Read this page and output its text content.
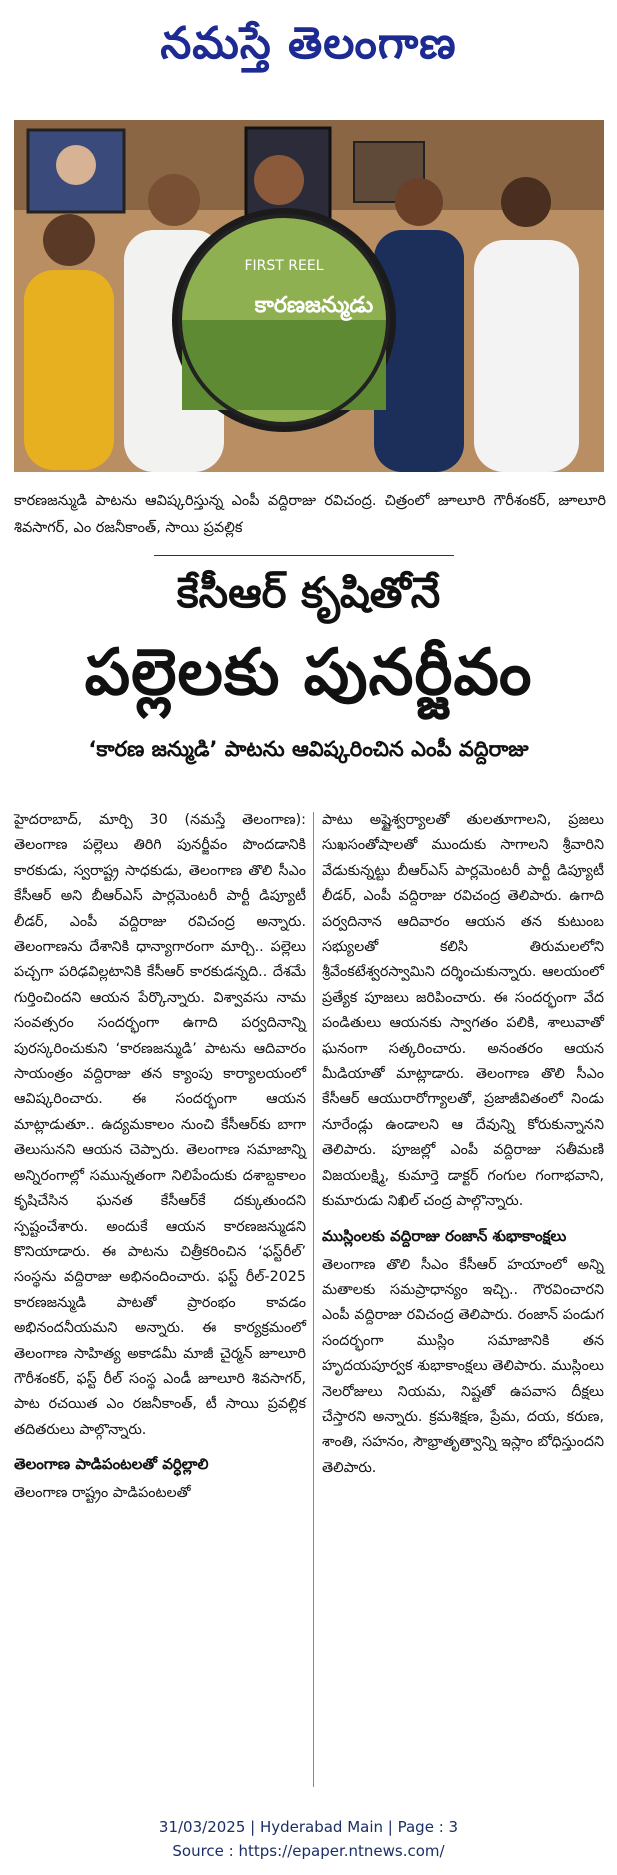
నమస్తే తెలంగాణ
FIRST REEL
కారణజన్ముడు
కారణజన్ముడి పాటను ఆవిష్కరిస్తున్న ఎంపీ వద్దిరాజు రవిచంద్ర. చిత్రంలో జూలూరి గౌరీశంకర్, జూలూరి శివసాగర్, ఎం రజనీకాంత్, సాయి ప్రవల్లిక
కేసీఆర్ కృషితోనే
పల్లెలకు పునర్జీవం
‘కారణ జన్ముడి’ పాటను ఆవిష్కరించిన ఎంపీ వద్దిరాజు

హైదరాబాద్, మార్చి 30 (నమస్తే తెలంగాణ): తెలంగాణ పల్లెలు తిరిగి పునర్జీవం పొందడానికి కారకుడు, స్వరాష్ట్ర సాధకుడు, తెలంగాణ తొలి సీఎం కేసీఆర్ అని బీఆర్ఎస్ పార్లమెంటరీ పార్టీ డిప్యూటీ లీడర్, ఎంపీ వద్దిరాజు రవిచంద్ర అన్నారు. తెలంగాణను దేశానికి ధాన్యాగారంగా మార్చి.. పల్లెలు పచ్చగా పరిఢవిల్లటానికి కేసీఆర్ కారకుడన్నది.. దేశమే గుర్తించిందని ఆయన పేర్కొన్నారు. విశ్వావసు నామ సంవత్సరం సందర్భంగా ఉగాది పర్వదినాన్ని పురస్కరించుకుని ‘కారణజన్ముడి’ పాటను ఆదివారం సాయంత్రం వద్దిరాజు తన క్యాంపు కార్యాలయంలో ఆవిష్కరించారు. ఈ సందర్భంగా ఆయన మాట్లాడుతూ.. ఉద్యమకాలం నుంచి కేసీఆర్‌కు బాగా తెలుసునని ఆయన చెప్పారు. తెలంగాణ సమాజాన్ని అన్నిరంగాల్లో సమున్నతంగా నిలిపేందుకు దశాబ్దకాలం కృషిచేసిన ఘనత కేసీఆర్‌కే దక్కుతుందని స్పష్టంచేశారు. అందుకే ఆయన కారణజన్ముడని కొనియాడారు. ఈ పాటను చిత్రీకరించిన ‘ఫస్ట్‌రీల్’ సంస్థను వద్దిరాజు అభినందించారు. ఫస్ట్ రీల్-2025 కారణజన్ముడి పాటతో ప్రారంభం కావడం అభినందనీయమని అన్నారు. ఈ కార్యక్రమంలో తెలంగాణ సాహిత్య అకాడమీ మాజీ చైర్మన్ జూలూరి గౌరీశంకర్, ఫస్ట్ రీల్ సంస్థ ఎండీ జూలూరి శివసాగర్, పాట రచయిత ఎం రజనీకాంత్, టీ సాయి ప్రవల్లిక తదితరులు పాల్గొన్నారు.

తెలంగాణ పాడిపంటలతో వర్ధిల్లాలి

తెలంగాణ రాష్ట్రం పాడిపంటలతో

పాటు అష్టైశ్వర్యాలతో తులతూగాలని, ప్రజలు సుఖసంతోషాలతో ముందుకు సాగాలని శ్రీవారిని వేడుకున్నట్టు బీఆర్ఎస్ పార్లమెంటరీ పార్టీ డిప్యూటీ లీడర్, ఎంపీ వద్దిరాజు రవిచంద్ర తెలిపారు. ఉగాది పర్వదినాన ఆదివారం ఆయన తన కుటుంబ సభ్యులతో కలిసి తిరుమలలోని శ్రీవేంకటేశ్వరస్వామిని దర్శించుకున్నారు. ఆలయంలో ప్రత్యేక పూజలు జరిపించారు. ఈ సందర్భంగా వేద పండితులు ఆయనకు స్వాగతం పలికి, శాలువాతో ఘనంగా సత్కరించారు. అనంతరం ఆయన మీడియాతో మాట్లాడారు. తెలంగాణ తొలి సీఎం కేసీఆర్ ఆయురారోగ్యాలతో, ప్రజాజీవితంలో నిండు నూరేండ్లు ఉండాలని ఆ దేవున్ని కోరుకున్నానని తెలిపారు. పూజల్లో ఎంపీ వద్దిరాజు సతీమణి విజయలక్ష్మి, కుమార్తె డాక్టర్ గంగుల గంగాభవాని, కుమారుడు నిఖిల్ చంద్ర పాల్గొన్నారు.

ముస్లింలకు వద్దిరాజు రంజాన్ శుభాకాంక్షలు

తెలంగాణ తొలి సీఎం కేసీఆర్ హయాంలో అన్ని మతాలకు సమప్రాధాన్యం ఇచ్చి.. గౌరవించారని ఎంపీ వద్దిరాజు రవిచంద్ర తెలిపారు. రంజాన్ పండుగ సందర్భంగా ముస్లిం సమాజానికి తన హృదయపూర్వక శుభాకాంక్షలు తెలిపారు. ముస్లింలు నెలరోజులు నియమ, నిష్టతో ఉపవాస దీక్షలు చేస్తారని అన్నారు. క్రమశిక్షణ, ప్రేమ, దయ, కరుణ, శాంతి, సహనం, సౌభ్రాతృత్వాన్ని ఇస్లాం బోధిస్తుందని తెలిపారు.

31/03/2025 | Hyderabad Main | Page : 3
Source : https://epaper.ntnews.com/
